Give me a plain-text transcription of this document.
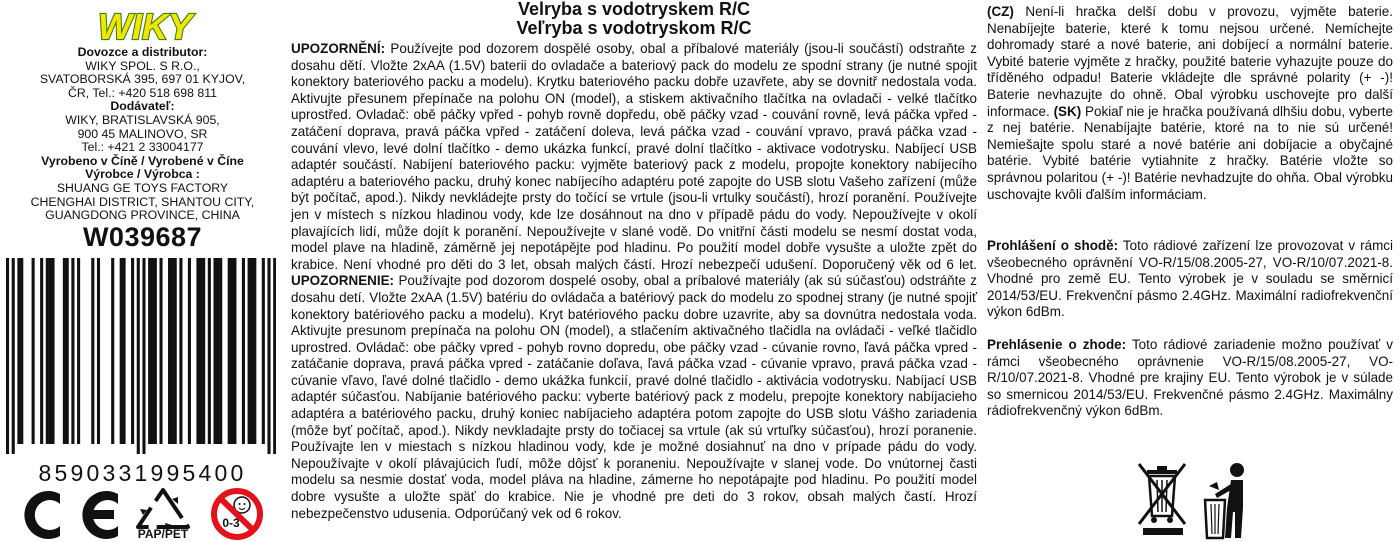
WIKY
Dovozce a distributor:
WIKY SPOL. S R.O.,
SVATOBORSKÁ 395, 697 01 KYJOV,
ČR, Tel.: +420 518 698 811
Dodávateľ:
WIKY, BRATISLAVSKÁ 905,
900 45 MALINOVO, SR
Tel.: +421 2 33004177
Vyrobeno v Číně / Vyrobené v Číne
Výrobce / Výrobca :
SHUANG GE TOYS FACTORY
CHENGHAI DISTRICT, SHANTOU CITY,
GUANGDONG PROVINCE, CHINA
W039687
8590331995400
PAP/PET
0-3

Velryba s vodotryskem R/C

Veľryba s vodotryskom R/C

UPOZORNĚNÍ: Používejte pod dozorem dospělé osoby, obal a příbalové materiály (jsou-li součástí) odstraňte z dosahu dětí. Vložte 2xAA (1.5V) baterii do ovladače a bateriový pack do modelu ze spodní strany (je nutné spojit konektory bateriového packu a modelu). Krytku bateriového packu dobře uzavřete, aby se dovnitř nedostala voda. Aktivujte přesunem přepínače na polohu ON (model), a stiskem aktivačního tlačítka na ovladači - velké tlačítko uprostřed. Ovladač: obě páčky vpřed - pohyb rovně dopředu, obě páčky vzad - couvání rovně, levá páčka vpřed - zatáčení doprava, pravá páčka vpřed - zatáčení doleva, levá páčka vzad - couvání vpravo, pravá páčka vzad - couvání vlevo, levé dolní tlačítko - demo ukázka funkcí, pravé dolní tlačítko - aktivace vodotrysku. Nabíjecí USB adaptér součástí. Nabíjení bateriového packu: vyjměte bateriový pack z modelu, propojte konektory nabíjecího adaptéru a bateriového packu, druhý konec nabíjecího adaptéru poté zapojte do USB slotu Vašeho zařízení (může být počítač, apod.). Nikdy nevkládejte prsty do točící se vrtule (jsou-li vrtulky součástí), hrozí poranění. Používejte jen v místech s nízkou hladinou vody, kde lze dosáhnout na dno v případě pádu do vody. Nepoužívejte v okolí plavajících lidí, může dojít k poranění. Nepoužívejte v slané vodě. Do vnitřní části modelu se nesmí dostat voda, model plave na hladině, záměrně jej nepotápějte pod hladinu. Po použití model dobře vysušte a uložte zpět do krabice. Není vhodné pro děti do 3 let, obsah malých částí. Hrozí nebezpečí udušení. Doporučený věk od 6 let. UPOZORNENIE: Používajte pod dozorom dospelé osoby, obal a príbalové materiály (ak sú súčasťou) odstráňte z dosahu detí. Vložte 2xAA (1.5V) batériu do ovládača a batériový pack do modelu zo spodnej strany (je nutné spojiť konektory batériového packu a modelu). Kryt batériového packu dobre uzavrite, aby sa dovnútra nedostala voda. Aktivujte presunom prepínača na polohu ON (model), a stlačením aktivačného tlačidla na ovládači - veľké tlačidlo uprostred. Ovládač: obe páčky vpred - pohyb rovno dopredu, obe páčky vzad - cúvanie rovno, ľavá páčka vpred - zatáčanie doprava, pravá páčka vpred - zatáčanie doľava, ľavá páčka vzad - cúvanie vpravo, pravá páčka vzad - cúvanie vľavo, ľavé dolné tlačidlo - demo ukážka funkcií, pravé dolné tlačidlo - aktivácia vodotrysku. Nabíjací USB adaptér súčasťou. Nabíjanie batériového packu: vyberte batériový pack z modelu, prepojte konektory nabíjacieho adaptéra a batériového packu, druhý koniec nabíjacieho adaptéra potom zapojte do USB slotu Vášho zariadenia (môže byť počítač, apod.). Nikdy nevkladajte prsty do točiacej sa vrtule (ak sú vrtuľky súčasťou), hrozí poranenie. Používajte len v miestach s nízkou hladinou vody, kde je možné dosiahnuť na dno v prípade pádu do vody. Nepoužívajte v okolí plávajúcich ľudí, môže dôjsť k poraneniu. Nepoužívajte v slanej vode. Do vnútornej časti modelu sa nesmie dostať voda, model pláva na hladine, zámerne ho nepotápajte pod hladinu. Po použití model dobre vysušte a uložte späť do krabice. Nie je vhodné pre deti do 3 rokov, obsah malých častí. Hrozí nebezpečenstvo udusenia. Odporúčaný vek od 6 rokov.

(CZ) Není-li hračka delší dobu v provozu, vyjměte baterie. Nenabíjejte baterie, které k tomu nejsou určené. Nemíchejte dohromady staré a nové baterie, ani dobíjecí a normální baterie. Vybité baterie vyjměte z hračky, použité baterie vyhazujte pouze do tříděného odpadu! Baterie vkládejte dle správné polarity (+ -)! Baterie nevhazujte do ohně. Obal výrobku uschovejte pro další informace. (SK) Pokiaľ nie je hračka používaná dlhšiu dobu, vyberte z nej batérie. Nenabíjajte batérie, ktoré na to nie sú určené! Nemiešajte spolu staré a nové batérie ani dobíjacie a obyčajné batérie. Vybité batérie vytiahnite z hračky. Batérie vložte so správnou polaritou (+ -)! Batérie nevhadzujte do ohňa. Obal výrobku uschovajte kvôli ďalším informáciam.

Prohlášení o shodě: Toto rádiové zařízení lze provozovat v rámci všeobecného oprávnění VO-R/15/08.2005-27, VO-R/10/07.2021-8. Vhodné pro země EU. Tento výrobek je v souladu se směrnicí 2014/53/EU. Frekvenční pásmo 2.4GHz. Maximální radiofrekvenční výkon 6dBm.

Prehlásenie o zhode: Toto rádiové zariadenie možno používať v rámci všeobecného oprávnenie VO-R/15/08.2005-27, VO-R/10/07.2021-8. Vhodné pre krajiny EU. Tento výrobok je v súlade so smernicou 2014/53/EU. Frekvenčné pásmo 2.4GHz. Maximálny rádiofrekvenčný výkon 6dBm.
